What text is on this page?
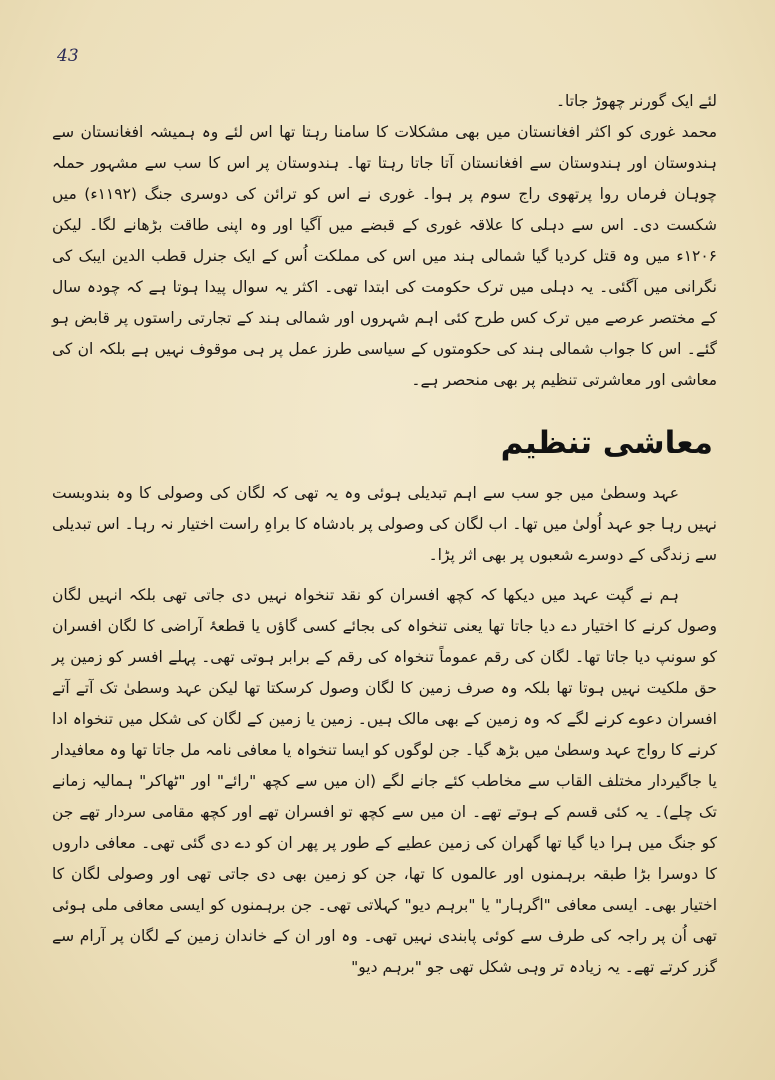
43

لئے ایک گورنر چھوڑ جاتا۔

محمد غوری کو اکثر افغانستان میں بھی مشکلات کا سامنا رہتا تھا اس لئے وہ ہمیشہ افغانستان سے ہندوستان اور ہندوستان سے افغانستان آتا جاتا رہتا تھا۔ ہندوستان پر اس کا سب سے مشہور حملہ چوہان فرماں روا پرتھوی راج سوم پر ہوا۔ غوری نے اس کو ترائن کی دوسری جنگ (۱۱۹۲ء) میں شکست دی۔ اس سے دہلی کا علاقہ غوری کے قبضے میں آگیا اور وہ اپنی طاقت بڑھانے لگا۔ لیکن ۱۲۰۶ء میں وہ قتل کردیا گیا شمالی ہند میں اس کی مملکت اُس کے ایک جنرل قطب الدین ایبک کی نگرانی میں آگئی۔ یہ دہلی میں ترک حکومت کی ابتدا تھی۔ اکثر یہ سوال پیدا ہوتا ہے کہ چودہ سال کے مختصر عرصے میں ترک کس طرح کئی اہم شہروں اور شمالی ہند کے تجارتی راستوں پر قابض ہو گئے۔ اس کا جواب شمالی ہند کی حکومتوں کے سیاسی طرز عمل پر ہی موقوف نہیں ہے بلکہ ان کی معاشی اور معاشرتی تنظیم پر بھی منحصر ہے۔

معاشی تنظیم

عہد وسطیٰ میں جو سب سے اہم تبدیلی ہوئی وہ یہ تھی کہ لگان کی وصولی کا وہ بندوبست نہیں رہا جو عہد اُولیٰ میں تھا۔ اب لگان کی وصولی پر بادشاہ کا براہِ راست اختیار نہ رہا۔ اس تبدیلی سے زندگی کے دوسرے شعبوں پر بھی اثر پڑا۔

ہم نے گپت عہد میں دیکھا کہ کچھ افسران کو نقد تنخواہ نہیں دی جاتی تھی بلکہ انہیں لگان وصول کرنے کا اختیار دے دیا جاتا تھا یعنی تنخواہ کی بجائے کسی گاؤں یا قطعۂ آراضی کا لگان افسران کو سونپ دیا جاتا تھا۔ لگان کی رقم عموماً تنخواہ کی رقم کے برابر ہوتی تھی۔ پہلے افسر کو زمین پر حق ملکیت نہیں ہوتا تھا بلکہ وہ صرف زمین کا لگان وصول کرسکتا تھا لیکن عہد وسطیٰ تک آتے آتے افسران دعوے کرنے لگے کہ وہ زمین کے بھی مالک ہیں۔ زمین یا زمین کے لگان کی شکل میں تنخواہ ادا کرنے کا رواج عہد وسطیٰ میں بڑھ گیا۔ جن لوگوں کو ایسا تنخواہ یا معافی نامہ مل جاتا تھا وہ معافیدار یا جاگیردار مختلف القاب سے مخاطب کئے جانے لگے (ان میں سے کچھ "رائے" اور "ٹھاکر" ہمالیہ زمانے تک چلے)۔ یہ کئی قسم کے ہوتے تھے۔ ان میں سے کچھ تو افسران تھے اور کچھ مقامی سردار تھے جن کو جنگ میں ہرا دیا گیا تھا گھران کی زمین عطیے کے طور پر پھر ان کو دے دی گئی تھی۔ معافی داروں کا دوسرا بڑا طبقہ برہمنوں اور عالموں کا تھا، جن کو زمین بھی دی جاتی تھی اور وصولی لگان کا اختیار بھی۔ ایسی معافی "اگرہار" یا "برہم دیو" کہلاتی تھی۔ جن برہمنوں کو ایسی معافی ملی ہوئی تھی اُن پر راجہ کی طرف سے کوئی پابندی نہیں تھی۔ وہ اور ان کے خاندان زمین کے لگان پر آرام سے گزر کرتے تھے۔ یہ زیادہ تر وہی شکل تھی جو "برہم دیو"
